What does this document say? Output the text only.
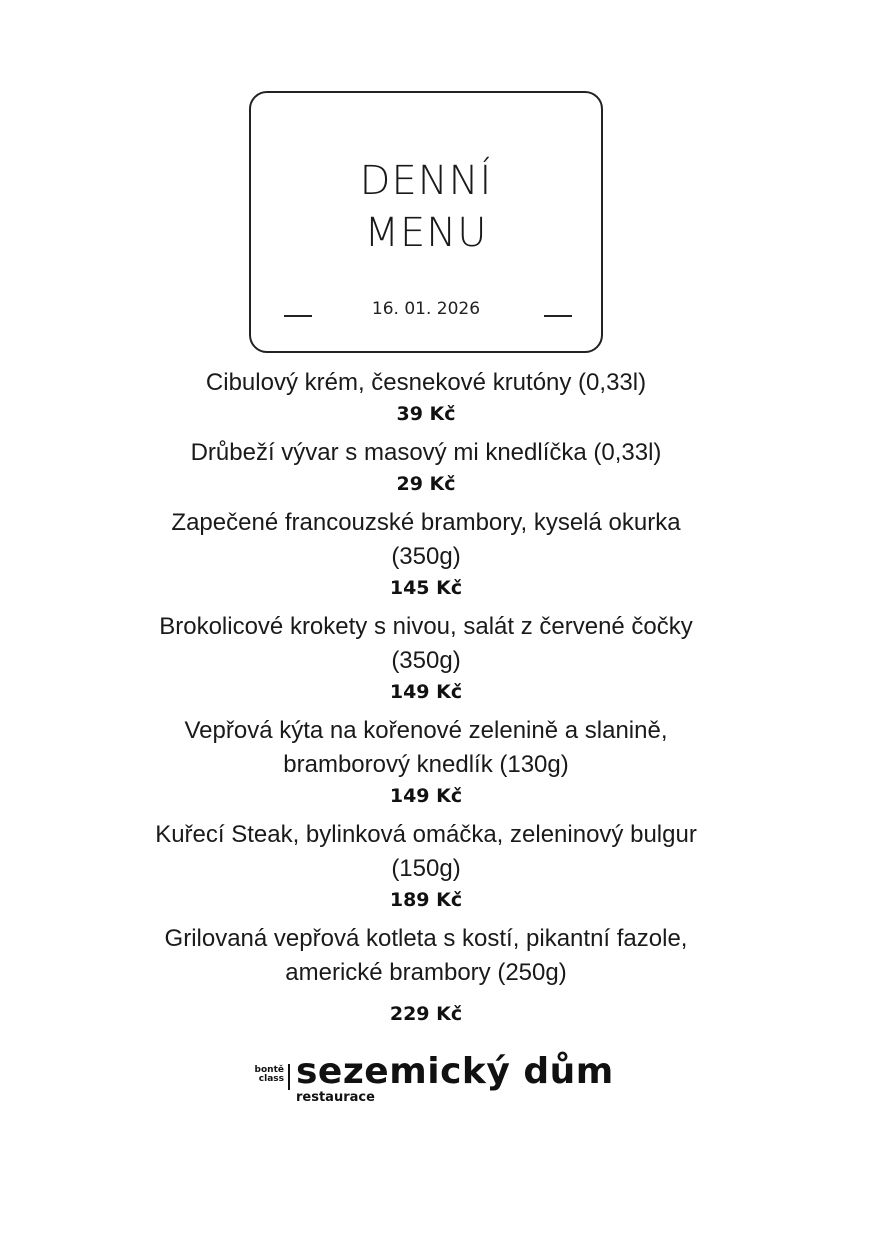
DENNÍ
MENU
16. 01. 2026
Cibulový krém, česnekové krutóny (0,33l)
39 Kč
Drůbeží vývar s masový mi knedlíčka (0,33l)
29 Kč
Zapečené francouzské brambory, kyselá okurka
(350g)
145 Kč
Brokolicové krokety s nivou, salát z červené čočky
(350g)
149 Kč
Vepřová kýta na kořenové zelenině a slanině,
bramborový knedlík (130g)
149 Kč
Kuřecí Steak, bylinková omáčka, zeleninový bulgur
(150g)
189 Kč
Grilovaná vepřová kotleta s kostí, pikantní fazole,
americké brambory (250g)
229 Kč
bontě
class sezemický dům
restaurace
